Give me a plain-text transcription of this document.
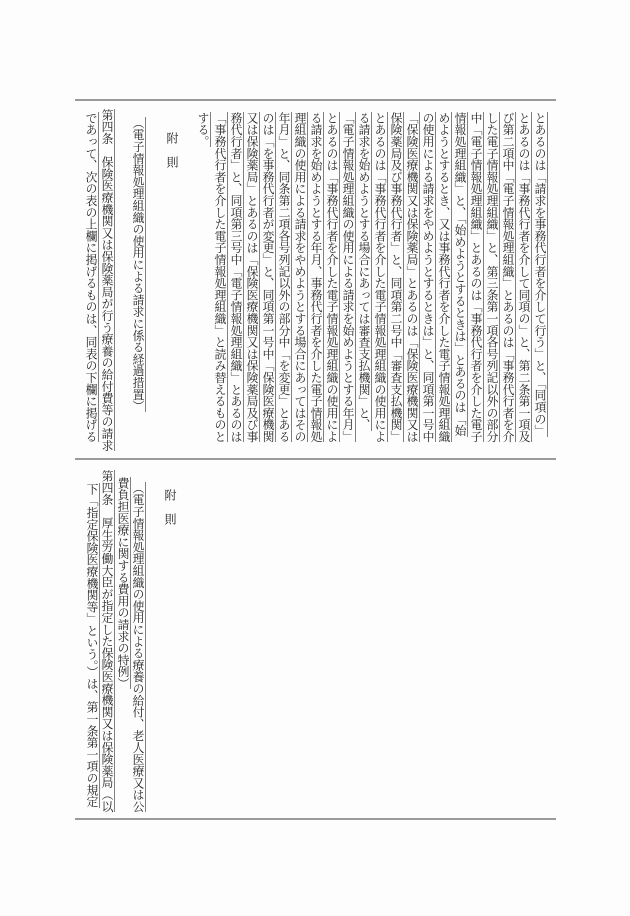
とあるのは「請求を事務代行者を介して行う」と、「同項の」
とあるのは「事務代行者を介して同項の」と、第二条第一項及
び第二項中「電子情報処理組織」とあるのは「事務代行者を介
した電子情報処理組織」と、第三条第一項各号列記以外の部分
中「電子情報処理組織」とあるのは「事務代行者を介した電子
情報処理組織」と、「始めようとするときは」とあるのは「始
めようとするとき、又は事務代行者を介した電子情報処理組織
の使用による請求をやめようとするときは」と、同項第一号中
「保険医療機関又は保険薬局」とあるのは「保険医療機関又は
保険薬局及び事務代行者」と、同項第二号中「審査支払機関」
とあるのは「事務代行者を介した電子情報処理組織の使用によ
る請求を始めようとする場合にあっては審査支払機関」と、
「電子情報処理組織の使用による請求を始めようとする年月」
とあるのは「事務代行者を介した電子情報処理組織の使用によ
る請求を始めようとする年月、事務代行者を介した電子情報処
理組織の使用による請求をやめようとする場合にあってはその
年月」と、同条第二項各号列記以外の部分中「を変更」とある
のは「を事務代行者が変更」と、同項第一号中「保険医療機関
又は保険薬局」とあるのは「保険医療機関又は保険薬局及び事
務代行者」と、同項第三号中「電子情報処理組織」とあるのは
「事務代行者を介した電子情報処理組織」と読み替えるものと
する。
附　則
（電子情報処理組織の使用による請求に係る経過措置）
第四条　保険医療機関又は保険薬局が行う療養の給付費等の請求
であって、次の表の上欄に掲げるものは、同表の下欄に掲げる
附　則
（電子情報処理組織の使用による療養の給付、老人医療又は公
費負担医療に関する費用の請求の特例）
第四条　厚生労働大臣が指定した保険医療機関又は保険薬局（以
下「指定保険医療機関等」という。）は、第一条第一項の規定
